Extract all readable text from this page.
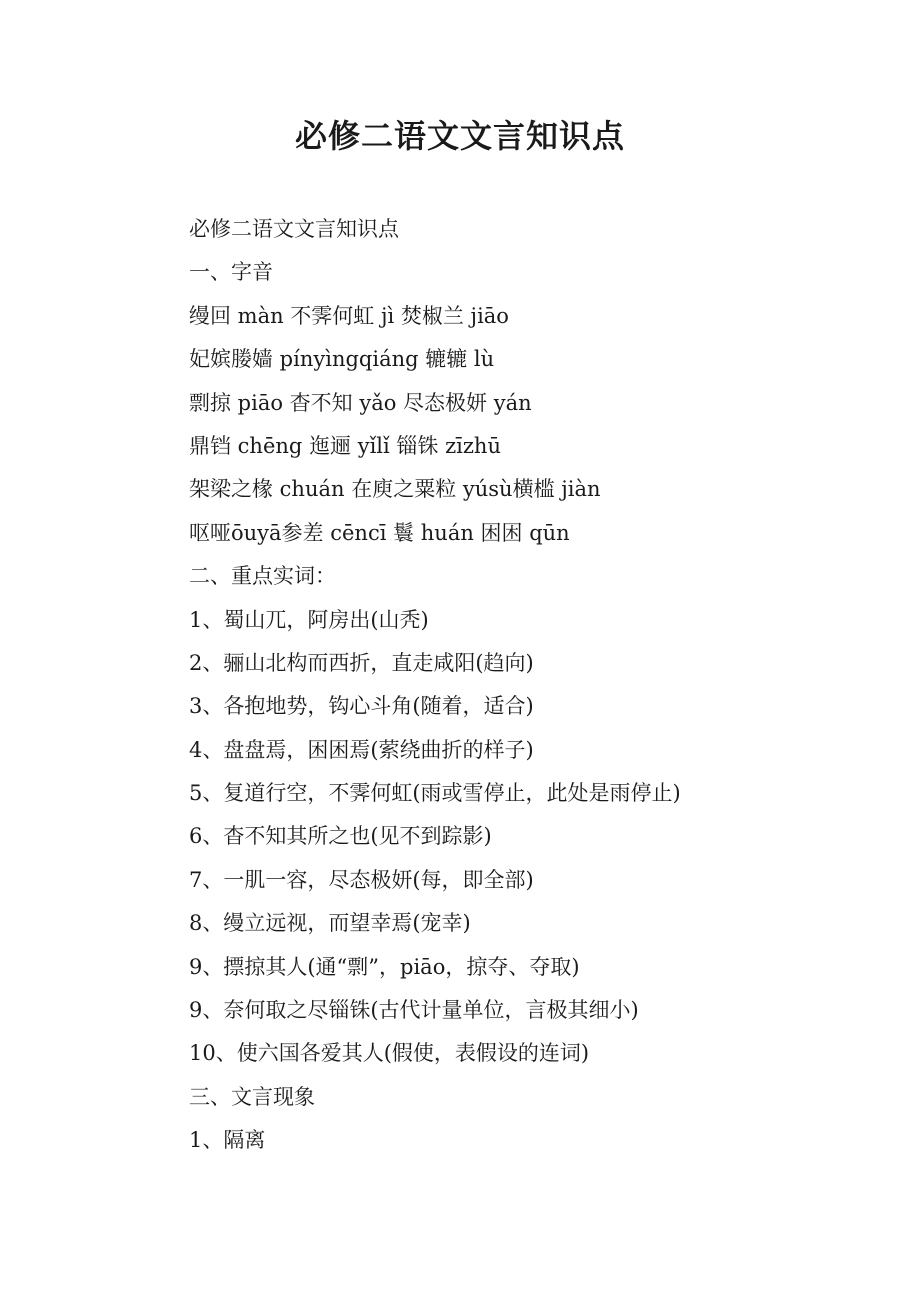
必修二语文文言知识点
必修二语文文言知识点
一、字音
缦回 màn 不霁何虹 jì 焚椒兰 jiāo
妃嫔媵嫱 pínyìngqiáng 辘辘 lù
剽掠 piāo 杳不知 yǎo 尽态极妍 yán
鼎铛 chēng 迤逦 yǐlǐ 锱铢 zīzhū
架梁之椽 chuán 在庾之粟粒 yúsù横槛 jiàn
呕哑ōuyā参差 cēncī 鬟 huán 困困 qūn
二、重点实词：
1、蜀山兀，阿房出(山秃)
2、骊山北构而西折，直走咸阳(趋向)
3、各抱地势，钩心斗角(随着，适合)
4、盘盘焉，困困焉(萦绕曲折的样子)
5、复道行空，不霁何虹(雨或雪停止，此处是雨停止)
6、杳不知其所之也(见不到踪影)
7、一肌一容，尽态极妍(每，即全部)
8、缦立远视，而望幸焉(宠幸)
9、摽掠其人(通“剽”，piāo，掠夺、夺取)
9、奈何取之尽锱铢(古代计量单位，言极其细小)
10、使六国各爱其人(假使，表假设的连词)
三、文言现象
1、隔离
